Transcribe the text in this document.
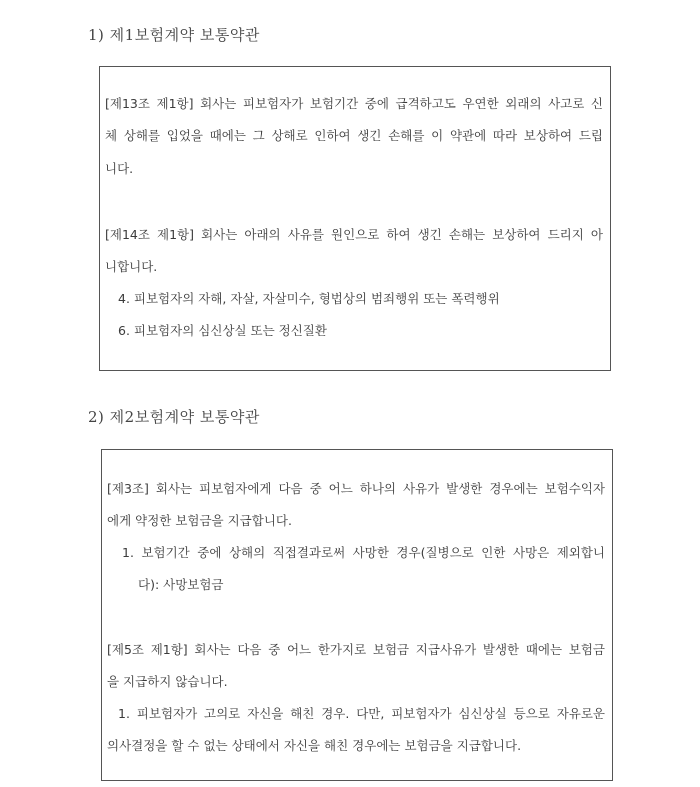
1) 제1보험계약 보통약관
[제13조 제1항] 회사는 피보험자가 보험기간 중에 급격하고도 우연한 외래의 사고로 신
체 상해를 입었을 때에는 그 상해로 인하여 생긴 손해를 이 약관에 따라 보상하여 드립
니다.
[제14조 제1항] 회사는 아래의 사유를 원인으로 하여 생긴 손해는 보상하여 드리지 아
니합니다.
4. 피보험자의 자해, 자살, 자살미수, 형법상의 범죄행위 또는 폭력행위
6. 피보험자의 심신상실 또는 정신질환
2) 제2보험계약 보통약관
[제3조] 회사는 피보험자에게 다음 중 어느 하나의 사유가 발생한 경우에는 보험수익자
에게 약정한 보험금을 지급합니다.
1. 보험기간 중에 상해의 직접결과로써 사망한 경우(질병으로 인한 사망은 제외합니
다): 사망보험금
[제5조 제1항] 회사는 다음 중 어느 한가지로 보험금 지급사유가 발생한 때에는 보험금
을 지급하지 않습니다.
1. 피보험자가 고의로 자신을 해친 경우. 다만, 피보험자가 심신상실 등으로 자유로운
의사결정을 할 수 없는 상태에서 자신을 해친 경우에는 보험금을 지급합니다.
